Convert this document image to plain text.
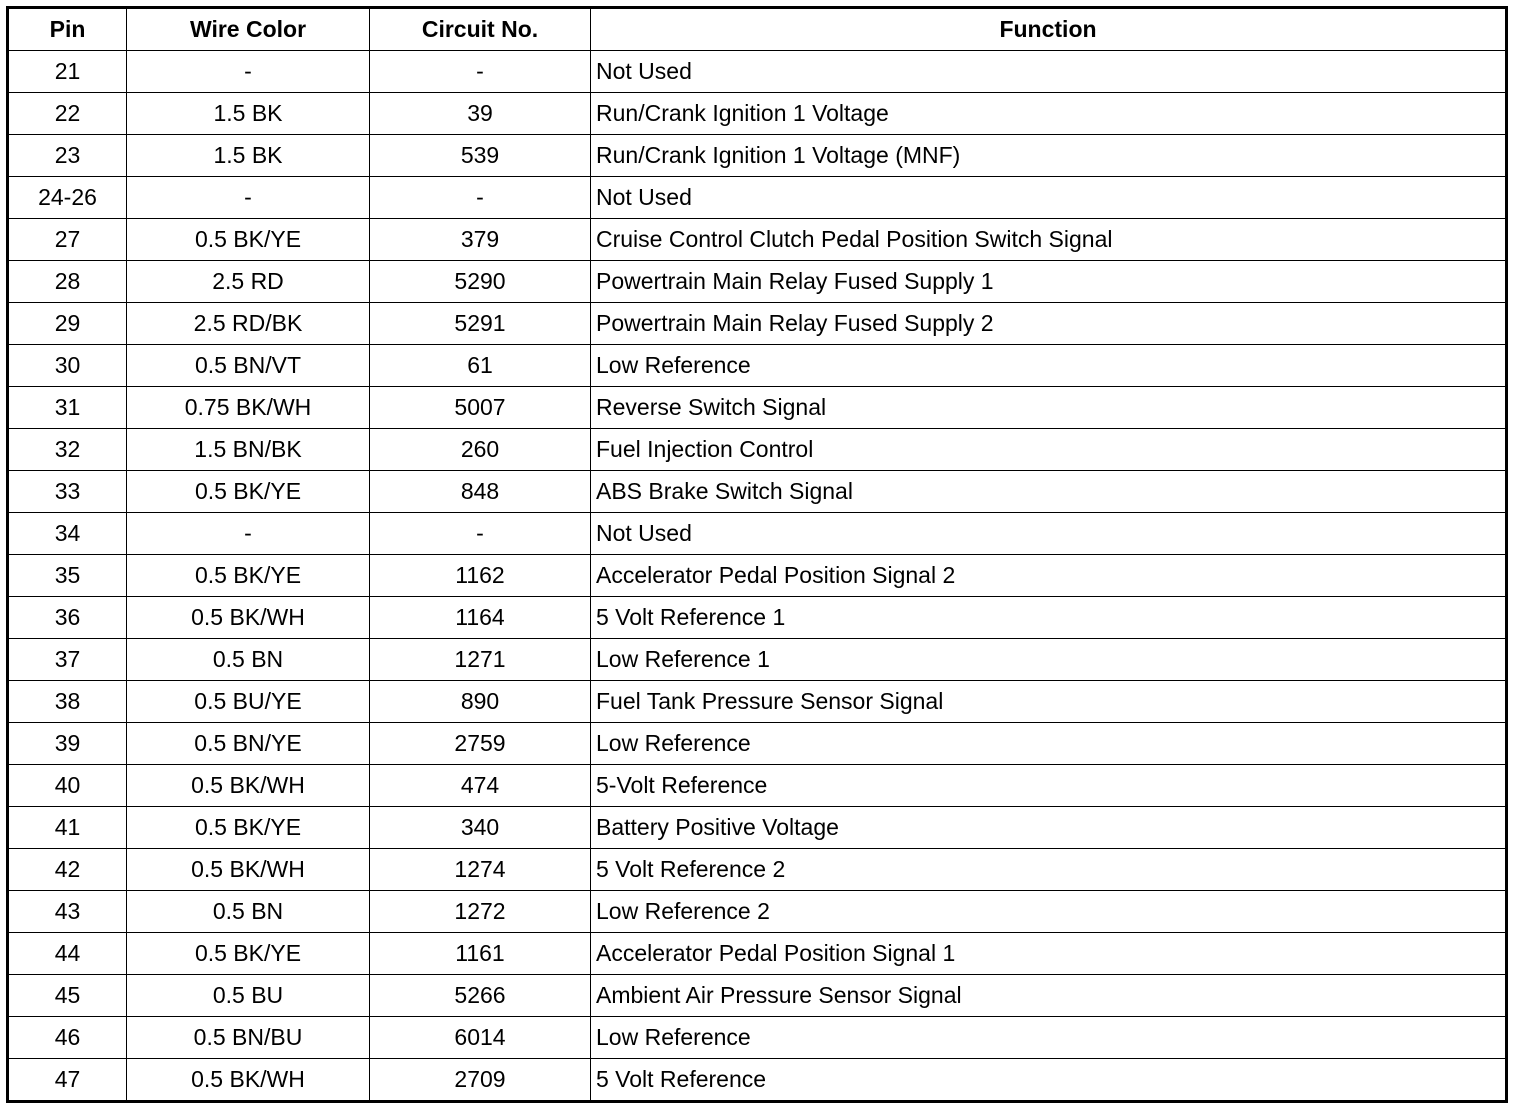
Pin	Wire Color	Circuit No.	Function
21	-	-	Not Used
22	1.5 BK	39	Run/Crank Ignition 1 Voltage
23	1.5 BK	539	Run/Crank Ignition 1 Voltage (MNF)
24-26	-	-	Not Used
27	0.5 BK/YE	379	Cruise Control Clutch Pedal Position Switch Signal
28	2.5 RD	5290	Powertrain Main Relay Fused Supply 1
29	2.5 RD/BK	5291	Powertrain Main Relay Fused Supply 2
30	0.5 BN/VT	61	Low Reference
31	0.75 BK/WH	5007	Reverse Switch Signal
32	1.5 BN/BK	260	Fuel Injection Control
33	0.5 BK/YE	848	ABS Brake Switch Signal
34	-	-	Not Used
35	0.5 BK/YE	1162	Accelerator Pedal Position Signal 2
36	0.5 BK/WH	1164	5 Volt Reference 1
37	0.5 BN	1271	Low Reference 1
38	0.5 BU/YE	890	Fuel Tank Pressure Sensor Signal
39	0.5 BN/YE	2759	Low Reference
40	0.5 BK/WH	474	5-Volt Reference
41	0.5 BK/YE	340	Battery Positive Voltage
42	0.5 BK/WH	1274	5 Volt Reference 2
43	0.5 BN	1272	Low Reference 2
44	0.5 BK/YE	1161	Accelerator Pedal Position Signal 1
45	0.5 BU	5266	Ambient Air Pressure Sensor Signal
46	0.5 BN/BU	6014	Low Reference
47	0.5 BK/WH	2709	5 Volt Reference
